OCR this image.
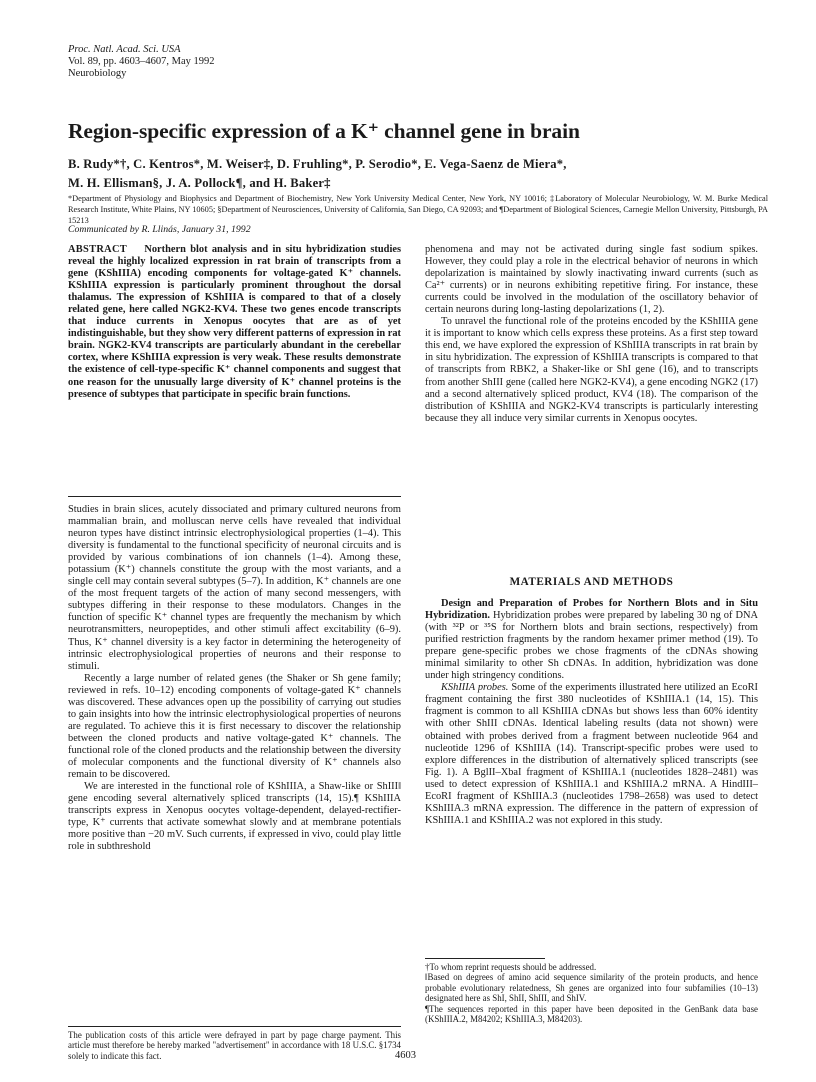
Proc. Natl. Acad. Sci. USA
Vol. 89, pp. 4603–4607, May 1992
Neurobiology
Region-specific expression of a K⁺ channel gene in brain
B. Rudy*†, C. Kentros*, M. Weiser‡, D. Fruhling*, P. Serodio*, E. Vega-Saenz de Miera*,
M. H. Ellisman§, J. A. Pollock¶, and H. Baker‡
*Department of Physiology and Biophysics and Department of Biochemistry, New York University Medical Center, New York, NY 10016; ‡Laboratory of Molecular Neurobiology, W. M. Burke Medical Research Institute, White Plains, NY 10605; §Department of Neurosciences, University of California, San Diego, CA 92093; and ¶Department of Biological Sciences, Carnegie Mellon University, Pittsburgh, PA 15213
Communicated by R. Llinás, January 31, 1992
ABSTRACT Northern blot analysis and in situ hybridization studies reveal the highly localized expression in rat brain of transcripts from a gene (KShIIIA) encoding components for voltage-gated K⁺ channels. KShIIIA expression is particularly prominent throughout the dorsal thalamus. The expression of KShIIIA is compared to that of a closely related gene, here called NGK2-KV4. These two genes encode transcripts that induce currents in Xenopus oocytes that are as of yet indistinguishable, but they show very different patterns of expression in rat brain. NGK2-KV4 transcripts are particularly abundant in the cerebellar cortex, where KShIIIA expression is very weak. These results demonstrate the existence of cell-type-specific K⁺ channel components and suggest that one reason for the unusually large diversity of K⁺ channel proteins is the presence of subtypes that participate in specific brain functions.

Studies in brain slices, acutely dissociated and primary cultured neurons from mammalian brain, and molluscan nerve cells have revealed that individual neuron types have distinct intrinsic electrophysiological properties (1–4). This diversity is fundamental to the functional specificity of neuronal circuits and is provided by various combinations of ion channels (1–4). Among these, potassium (K⁺) channels constitute the group with the most variants, and a single cell may contain several subtypes (5–7). In addition, K⁺ channels are one of the most frequent targets of the action of many second messengers, with subtypes differing in their response to these modulators. Changes in the function of specific K⁺ channel types are frequently the mechanism by which neurotransmitters, neuropeptides, and other stimuli affect excitability (6–9). Thus, K⁺ channel diversity is a key factor in determining the heterogeneity of intrinsic electrophysiological properties of neurons and their response to stimuli.

Recently a large number of related genes (the Shaker or Sh gene family; reviewed in refs. 10–12) encoding components of voltage-gated K⁺ channels was discovered. These advances open up the possibility of carrying out studies to gain insights into how the intrinsic electrophysiological properties of neurons are regulated. To achieve this it is first necessary to discover the relationship between the cloned products and native voltage-gated K⁺ channels. The functional role of the cloned products and the relationship between the diversity of molecular components and the functional diversity of K⁺ channels also remain to be discovered.

We are interested in the functional role of KShIIIA, a Shaw-like or ShIII‖ gene encoding several alternatively spliced transcripts (14, 15).¶ KShIIIA transcripts express in Xenopus oocytes voltage-dependent, delayed-rectifier-type, K⁺ currents that activate somewhat slowly and at membrane potentials more positive than −20 mV. Such currents, if expressed in vivo, could play little role in subthreshold

The publication costs of this article were defrayed in part by page charge payment. This article must therefore be hereby marked "advertisement" in accordance with 18 U.S.C. §1734 solely to indicate this fact.

phenomena and may not be activated during single fast sodium spikes. However, they could play a role in the electrical behavior of neurons in which depolarization is maintained by slowly inactivating inward currents (such as Ca²⁺ currents) or in neurons exhibiting repetitive firing. For instance, these currents could be involved in the modulation of the oscillatory behavior of certain neurons during long-lasting depolarizations (1, 2).

To unravel the functional role of the proteins encoded by the KShIIIA gene it is important to know which cells express these proteins. As a first step toward this end, we have explored the expression of KShIIIA transcripts in rat brain by in situ hybridization. The expression of KShIIIA transcripts is compared to that of transcripts from RBK2, a Shaker-like or ShI gene (16), and to transcripts from another ShIII gene (called here NGK2-KV4), a gene encoding NGK2 (17) and a second alternatively spliced product, KV4 (18). The comparison of the distribution of KShIIIA and NGK2-KV4 transcripts is particularly interesting because they all induce very similar currents in Xenopus oocytes.

MATERIALS AND METHODS

Design and Preparation of Probes for Northern Blots and in Situ Hybridization. Hybridization probes were prepared by labeling 30 ng of DNA (with ³²P or ³⁵S for Northern blots and brain sections, respectively) from purified restriction fragments by the random hexamer primer method (19). To prepare gene-specific probes we chose fragments of the cDNAs showing minimal similarity to other Sh cDNAs. In addition, hybridization was done under high stringency conditions.

KShIIIA probes. Some of the experiments illustrated here utilized an EcoRI fragment containing the first 380 nucleotides of KShIIIA.1 (14, 15). This fragment is common to all KShIIIA cDNAs but shows less than 60% identity with other ShIII cDNAs. Identical labeling results (data not shown) were obtained with probes derived from a fragment between nucleotide 964 and nucleotide 1296 of KShIIIA (14). Transcript-specific probes were used to explore differences in the distribution of alternatively spliced transcripts (see Fig. 1). A BglII–XbaI fragment of KShIIIA.1 (nucleotides 1828–2481) was used to detect expression of KShIIIA.1 and KShIIIA.2 mRNA. A HindIII–EcoRI fragment of KShIIIA.3 (nucleotides 1798–2658) was used to detect KShIIIA.3 mRNA expression. The difference in the pattern of expression of KShIIIA.1 and KShIIIA.2 was not explored in this study.

†To whom reprint requests should be addressed.
‖Based on degrees of amino acid sequence similarity of the protein products, and hence probable evolutionary relatedness, Sh genes are organized into four subfamilies (10–13) designated here as ShI, ShII, ShIII, and ShIV.
¶The sequences reported in this paper have been deposited in the GenBank data base (KShIIIA.2, M84202; KShIIIA.3, M84203).
4603
